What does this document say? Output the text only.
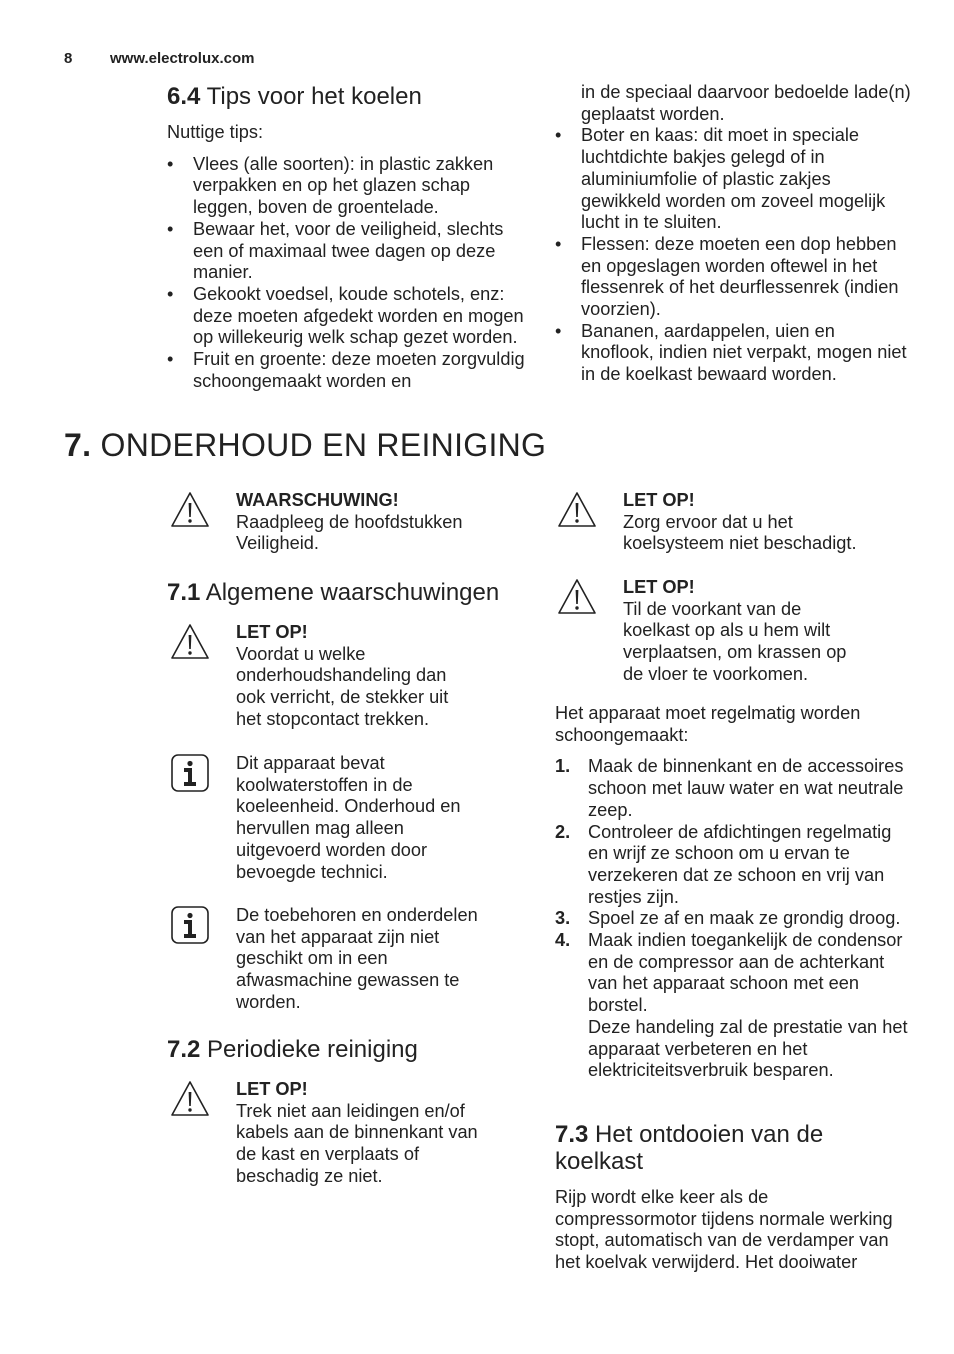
8	www.electrolux.com
6.4 Tips voor het koelen
Nuttige tips:
• Vlees (alle soorten): in plastic zakken verpakken en op het glazen schap leggen, boven de groentelade.
• Bewaar het, voor de veiligheid, slechts een of maximaal twee dagen op deze manier.
• Gekookt voedsel, koude schotels, enz: deze moeten afgedekt worden en mogen op willekeurig welk schap gezet worden.
• Fruit en groente: deze moeten zorgvuldig schoongemaakt worden en
in de speciaal daarvoor bedoelde lade(n) geplaatst worden.
• Boter en kaas: dit moet in speciale luchtdichte bakjes gelegd of in aluminiumfolie of plastic zakjes gewikkeld worden om zoveel mogelijk lucht in te sluiten.
• Flessen: deze moeten een dop hebben en opgeslagen worden oftewel in het flessenrek of het deurflessenrek (indien voorzien).
• Bananen, aardappelen, uien en knoflook, indien niet verpakt, mogen niet in de koelkast bewaard worden.
7. ONDERHOUD EN REINIGING
WAARSCHUWING!
Raadpleeg de hoofdstukken Veiligheid.
7.1 Algemene waarschuwingen
LET OP!
Voordat u welke onderhoudshandeling dan ook verricht, de stekker uit het stopcontact trekken.
Dit apparaat bevat koolwaterstoffen in de koeleenheid. Onderhoud en hervullen mag alleen uitgevoerd worden door bevoegde technici.
De toebehoren en onderdelen van het apparaat zijn niet geschikt om in een afwasmachine gewassen te worden.
7.2 Periodieke reiniging
LET OP!
Trek niet aan leidingen en/of kabels aan de binnenkant van de kast en verplaats of beschadig ze niet.
LET OP!
Zorg ervoor dat u het koelsysteem niet beschadigt.
LET OP!
Til de voorkant van de koelkast op als u hem wilt verplaatsen, om krassen op de vloer te voorkomen.
Het apparaat moet regelmatig worden schoongemaakt:
1. Maak de binnenkant en de accessoires schoon met lauw water en wat neutrale zeep.
2. Controleer de afdichtingen regelmatig en wrijf ze schoon om u ervan te verzekeren dat ze schoon en vrij van restjes zijn.
3. Spoel ze af en maak ze grondig droog.
4. Maak indien toegankelijk de condensor en de compressor aan de achterkant van het apparaat schoon met een borstel.
Deze handeling zal de prestatie van het apparaat verbeteren en het elektriciteitsverbruik besparen.
7.3 Het ontdooien van de koelkast
Rijp wordt elke keer als de compressormotor tijdens normale werking stopt, automatisch van de verdamper van het koelvak verwijderd. Het dooiwater
